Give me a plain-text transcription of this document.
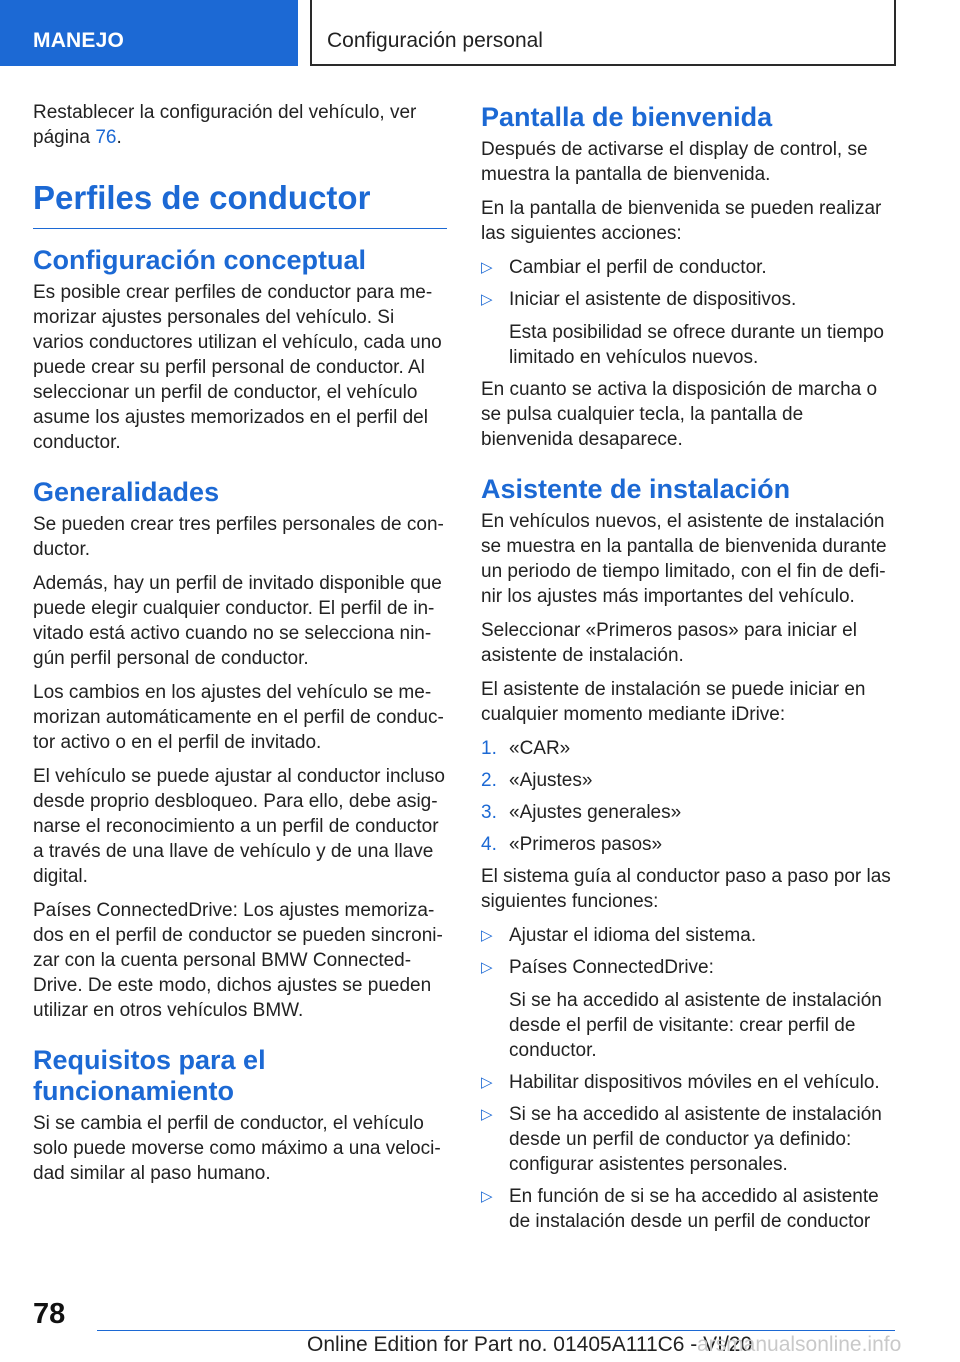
MANEJO	Configuración personal

Restablecer la configuración del vehículo, ver página 76.

Perfiles de conductor
Configuración conceptual

Es posible crear perfiles de conductor para memorizar ajustes personales del vehículo. Si varios conductores utilizan el vehículo, cada uno puede crear su perfil personal de conductor. Al seleccionar un perfil de conductor, el vehículo asume los ajustes memorizados en el perfil del conductor.

Generalidades

Se pueden crear tres perfiles personales de conductor.

Además, hay un perfil de invitado disponible que puede elegir cualquier conductor. El perfil de invitado está activo cuando no se selecciona ningún perfil personal de conductor.

Los cambios en los ajustes del vehículo se memorizan automáticamente en el perfil de conductor activo o en el perfil de invitado.

El vehículo se puede ajustar al conductor incluso desde proprio desbloqueo. Para ello, debe asignarse el reconocimiento a un perfil de conductor a través de una llave de vehículo y de una llave digital.

Países ConnectedDrive: Los ajustes memorizados en el perfil de conductor se pueden sincronizar con la cuenta personal BMW ConnectedDrive. De este modo, dichos ajustes se pueden utilizar en otros vehículos BMW.

Requisitos para el funcionamiento

Si se cambia el perfil de conductor, el vehículo solo puede moverse como máximo a una velocidad similar al paso humano.

Pantalla de bienvenida

Después de activarse el display de control, se muestra la pantalla de bienvenida.

En la pantalla de bienvenida se pueden realizar las siguientes acciones:

▷ Cambiar el perfil de conductor.
▷ Iniciar el asistente de dispositivos.
Esta posibilidad se ofrece durante un tiempo limitado en vehículos nuevos.

En cuanto se activa la disposición de marcha o se pulsa cualquier tecla, la pantalla de bienvenida desaparece.

Asistente de instalación

En vehículos nuevos, el asistente de instalación se muestra en la pantalla de bienvenida durante un periodo de tiempo limitado, con el fin de definir los ajustes más importantes del vehículo.

Seleccionar «Primeros pasos» para iniciar el asistente de instalación.

El asistente de instalación se puede iniciar en cualquier momento mediante iDrive:

1. «CAR»
2. «Ajustes»
3. «Ajustes generales»
4. «Primeros pasos»

El sistema guía al conductor paso a paso por las siguientes funciones:

▷ Ajustar el idioma del sistema.
▷ Países ConnectedDrive:
Si se ha accedido al asistente de instalación desde el perfil de visitante: crear perfil de conductor.
▷ Habilitar dispositivos móviles en el vehículo.
▷ Si se ha accedido al asistente de instalación desde un perfil de conductor ya definido: configurar asistentes personales.
▷ En función de si se ha accedido al asistente de instalación desde un perfil de conductor
78
Online Edition for Part no. 01405A111C6 - VI/20
arsmanualsonline.info
